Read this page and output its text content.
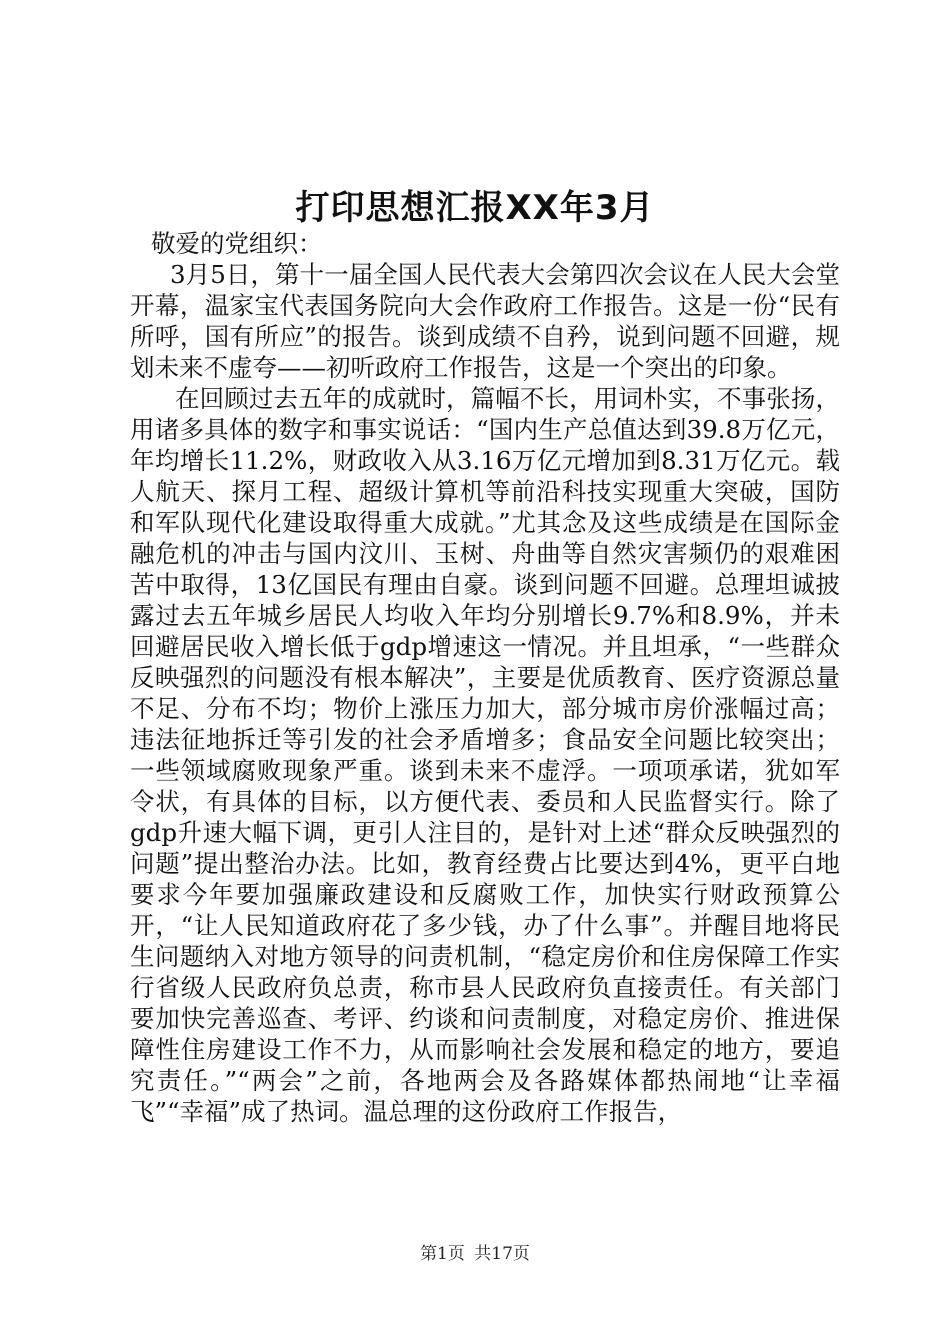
打印思想汇报XX年3月

敬爱的党组织：

3月5日，第十一届全国人民代表大会第四次会议在人民大会堂开幕，温家宝代表国务院向大会作政府工作报告。这是一份“民有所呼，国有所应”的报告。谈到成绩不自矜，说到问题不回避，规划未来不虚夸——初听政府工作报告，这是一个突出的印象。

在回顾过去五年的成就时，篇幅不长，用词朴实，不事张扬，用诸多具体的数字和事实说话：“国内生产总值达到39.8万亿元，年均增长11.2%，财政收入从3.16万亿元增加到8.31万亿元。载人航天、探月工程、超级计算机等前沿科技实现重大突破，国防和军队现代化建设取得重大成就。”尤其念及这些成绩是在国际金融危机的冲击与国内汶川、玉树、舟曲等自然灾害频仍的艰难困苦中取得，13亿国民有理由自豪。谈到问题不回避。总理坦诚披露过去五年城乡居民人均收入年均分别增长9.7%和8.9%，并未回避居民收入增长低于gdp增速这一情况。并且坦承，“一些群众反映强烈的问题没有根本解决”，主要是优质教育、医疗资源总量不足、分布不均；物价上涨压力加大，部分城市房价涨幅过高；违法征地拆迁等引发的社会矛盾增多；食品安全问题比较突出；一些领域腐败现象严重。谈到未来不虚浮。一项项承诺，犹如军令状，有具体的目标，以方便代表、委员和人民监督实行。除了gdp升速大幅下调，更引人注目的，是针对上述“群众反映强烈的问题”提出整治办法。比如，教育经费占比要达到4%，更平白地要求今年要加强廉政建设和反腐败工作，加快实行财政预算公开，“让人民知道政府花了多少钱，办了什么事”。并醒目地将民生问题纳入对地方领导的问责机制，“稳定房价和住房保障工作实行省级人民政府负总责，称市县人民政府负直接责任。有关部门要加快完善巡查、考评、约谈和问责制度，对稳定房价、推进保障性住房建设工作不力，从而影响社会发展和稳定的地方，要追究责任。”“两会”之前，各地两会及各路媒体都热闹地“让幸福飞”“幸福”成了热词。温总理的这份政府工作报告，

第1页 共17页
